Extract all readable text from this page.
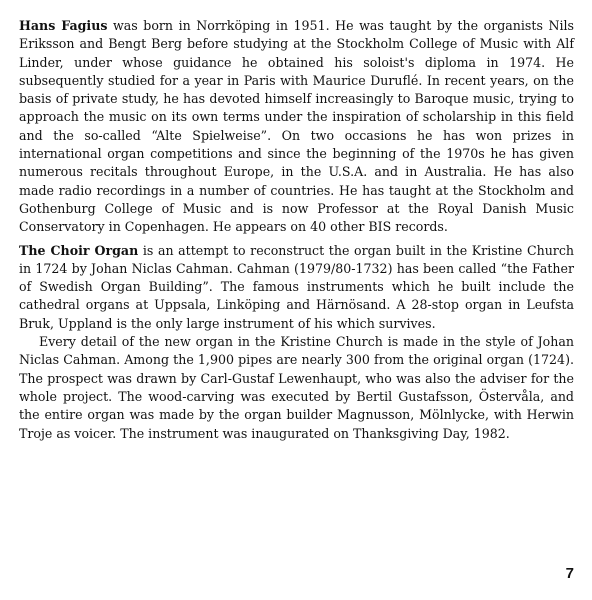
Hans Fagius was born in Norrköping in 1951. He was taught by the organists Nils Eriksson and Bengt Berg before studying at the Stockholm College of Music with Alf Linder, under whose guidance he obtained his soloist's diploma in 1974. He subsequently studied for a year in Paris with Maurice Duruflé. In recent years, on the basis of private study, he has devoted himself increasingly to Baroque music, trying to approach the music on its own terms under the inspiration of scholarship in this field and the so-called “Alte Spielweise”. On two occasions he has won prizes in international organ competitions and since the beginning of the 1970s he has given numerous recitals throughout Europe, in the U.S.A. and in Australia. He has also made radio recordings in a number of countries. He has taught at the Stockholm and Gothenburg College of Music and is now Professor at the Royal Danish Music Conservatory in Copenhagen. He appears on 40 other BIS records.

The Choir Organ is an attempt to reconstruct the organ built in the Kristine Church in 1724 by Johan Niclas Cahman. Cahman (1979/80-1732) has been called “the Father of Swedish Organ Building”. The famous instruments which he built include the cathedral organs at Uppsala, Linköping and Härnösand. A 28-stop organ in Leufsta Bruk, Uppland is the only large instrument of his which survives.

Every detail of the new organ in the Kristine Church is made in the style of Johan Niclas Cahman. Among the 1,900 pipes are nearly 300 from the original organ (1724). The prospect was drawn by Carl-Gustaf Lewenhaupt, who was also the adviser for the whole project. The wood-carving was executed by Bertil Gustafsson, Östervåla, and the entire organ was made by the organ builder Magnusson, Mölnlycke, with Herwin Troje as voicer. The instrument was inaugurated on Thanksgiving Day, 1982.

7
